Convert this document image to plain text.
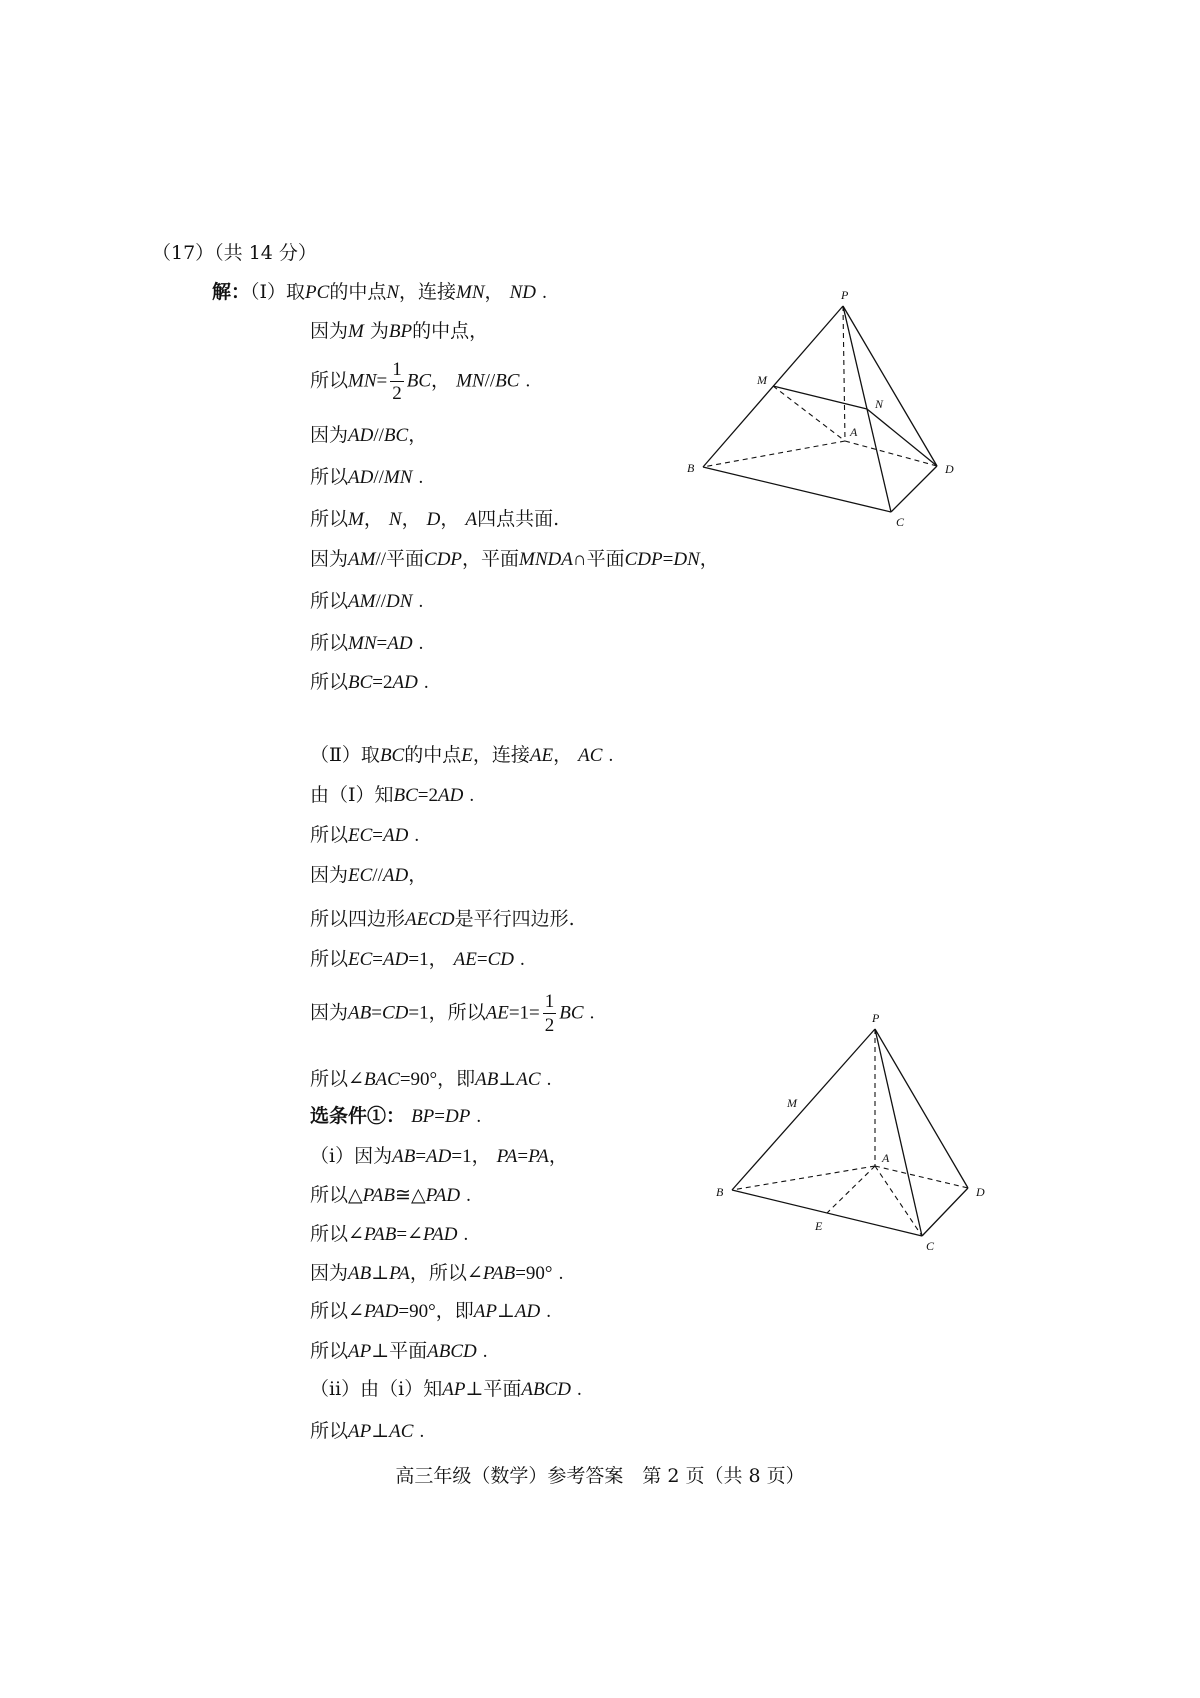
（17）（共 14 分）
解：（Ⅰ）取PC的中点N，连接MN， ND .
因为M 为BP的中点，
所以$MN= \frac{1}{2}$ BC， MN//BC .
因为AD//BC，
所以AD//MN .
所以M， N， D， A四点共面.
因为AM//平面CDP，平面MNDA∩平面CDP=DN，
所以AM//DN .
所以MN=AD .
所以BC=2AD .
（Ⅱ）取BC的中点E，连接AE， AC .
由（Ⅰ）知BC=2AD .
所以EC=AD .
因为EC//AD，
所以四边形AECD是平行四边形.
所以EC=AD=1， AE=CD .
因为AB=CD=1，所以$AE=1= \frac{1}{2}$ BC .
所以∠BAC=90°，即AB⊥AC .
选条件①： BP=DP .
（ⅰ）因为AB=AD=1， PA=PA，
所以△PAB≅△PAD .
所以∠PAB=∠PAD .
因为AB⊥PA，所以∠PAB=90° .
所以∠PAD=90°，即AP⊥AD .
所以AP⊥平面ABCD .
（ⅱ）由（ⅰ）知AP⊥平面ABCD .
所以AP⊥AC .
P
M
N
A
B
C
D
P
M
A
B
E
C
D
高三年级（数学）参考答案　第 2 页（共 8 页）
